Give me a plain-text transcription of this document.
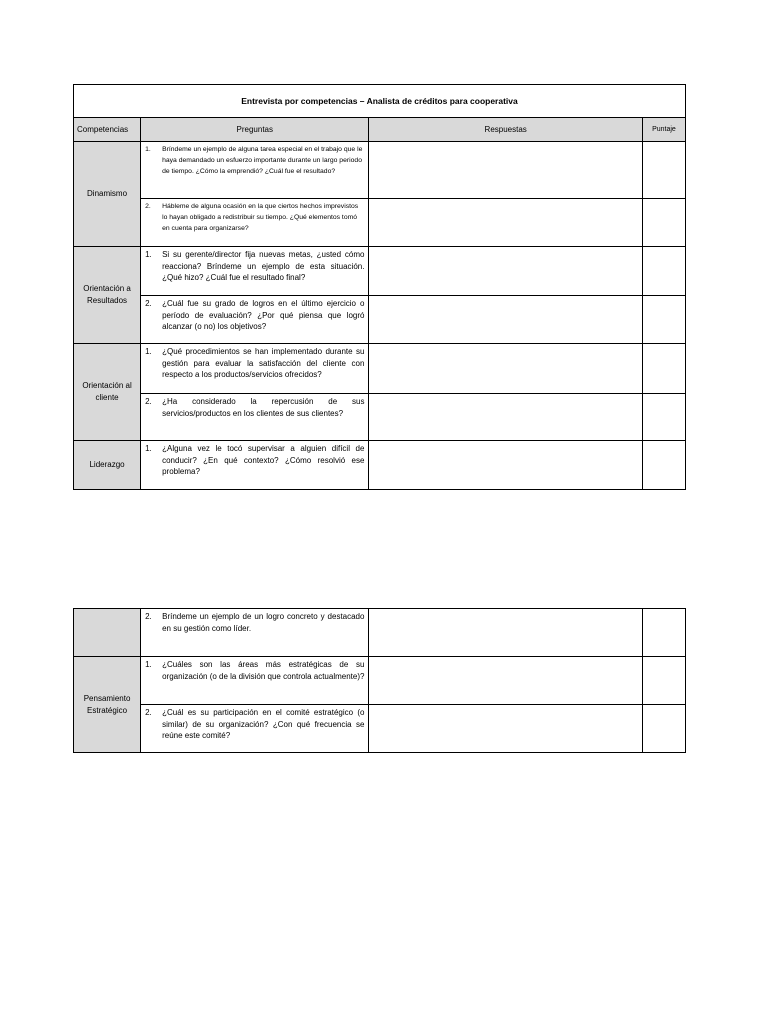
Entrevista por competencias – Analista de créditos para cooperativa			
Competencias	Preguntas	Respuestas	Puntaje
Dinamismo	1. Bríndeme un ejemplo de alguna tarea especial en el trabajo que le haya demandado un esfuerzo importante durante un largo periodo de tiempo. ¿Cómo la emprendió? ¿Cuál fue el resultado?		

	2. Hábleme de alguna ocasión en la que ciertos hechos imprevistos lo hayan obligado a redistribuir su tiempo. ¿Qué elementos tomó en cuenta para organizarse?		

Orientación a Resultados	1. Si su gerente/director fija nuevas metas, ¿usted cómo reacciona? Bríndeme un ejemplo de esta situación. ¿Qué hizo? ¿Cuál fue el resultado final?		

	2. ¿Cuál fue su grado de logros en el último ejercicio o período de evaluación? ¿Por qué piensa que logró alcanzar (o no) los objetivos?		

Orientación al cliente	1. ¿Qué procedimientos se han implementado durante su gestión para evaluar la satisfacción del cliente con respecto a los productos/servicios ofrecidos?		

	2. ¿Ha considerado la repercusión de sus servicios/productos en los clientes de sus clientes?		

Liderazgo	1. ¿Alguna vez le tocó supervisar a alguien difícil de conducir? ¿En qué contexto? ¿Cómo resolvió ese problema?		

	2. Bríndeme un ejemplo de un logro concreto y destacado en su gestión como líder.		

Pensamiento Estratégico	1. ¿Cuáles son las áreas más estratégicas de su organización (o de la división que controla actualmente)?		

	2. ¿Cuál es su participación en el comité estratégico (o similar) de su organización? ¿Con qué frecuencia se reúne este comité?		
